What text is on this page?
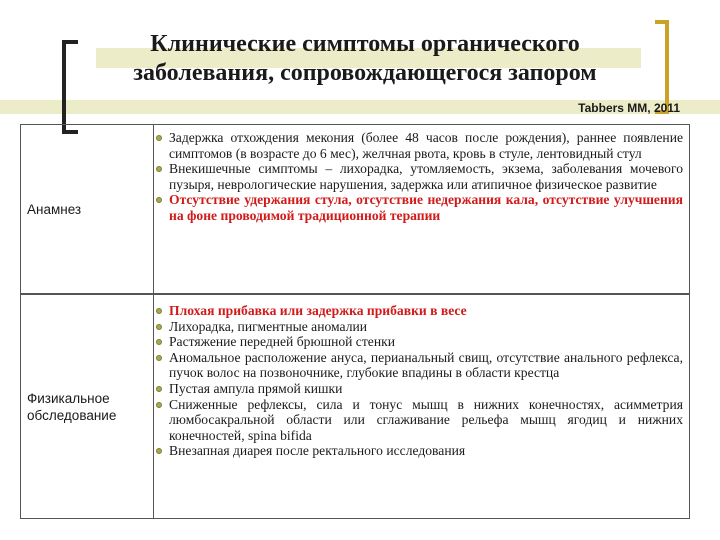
Клинические симптомы органического заболевания, сопровождающегося запором
Tabbers MM, 2011
Анамнез
Задержка отхождения мекония (более 48 часов после рождения), раннее появление симптомов (в возрасте до 6 мес), желчная рвота, кровь в стуле, лентовидный стул
Внекишечные симптомы – лихорадка, утомляемость, экзема, заболевания мочевого пузыря, неврологические нарушения, задержка или атипичное физическое развитие
Отсутствие удержания стула, отсутствие недержания кала, отсутствие улучшения на фоне проводимой традиционной терапии
Физикальное обследование
Плохая прибавка или задержка прибавки в весе
Лихорадка, пигментные аномалии
Растяжение передней брюшной стенки
Аномальное расположение ануса, перианальный свищ, отсутствие анального рефлекса, пучок волос на позвоночнике, глубокие впадины в области крестца
Пустая ампула прямой кишки
Сниженные рефлексы, сила и тонус мышц в нижних конечностях, асимметрия люмбосакральной области или сглаживание рельефа мышц ягодиц и нижних конечностей, spina bifida
Внезапная диарея после ректального исследования
